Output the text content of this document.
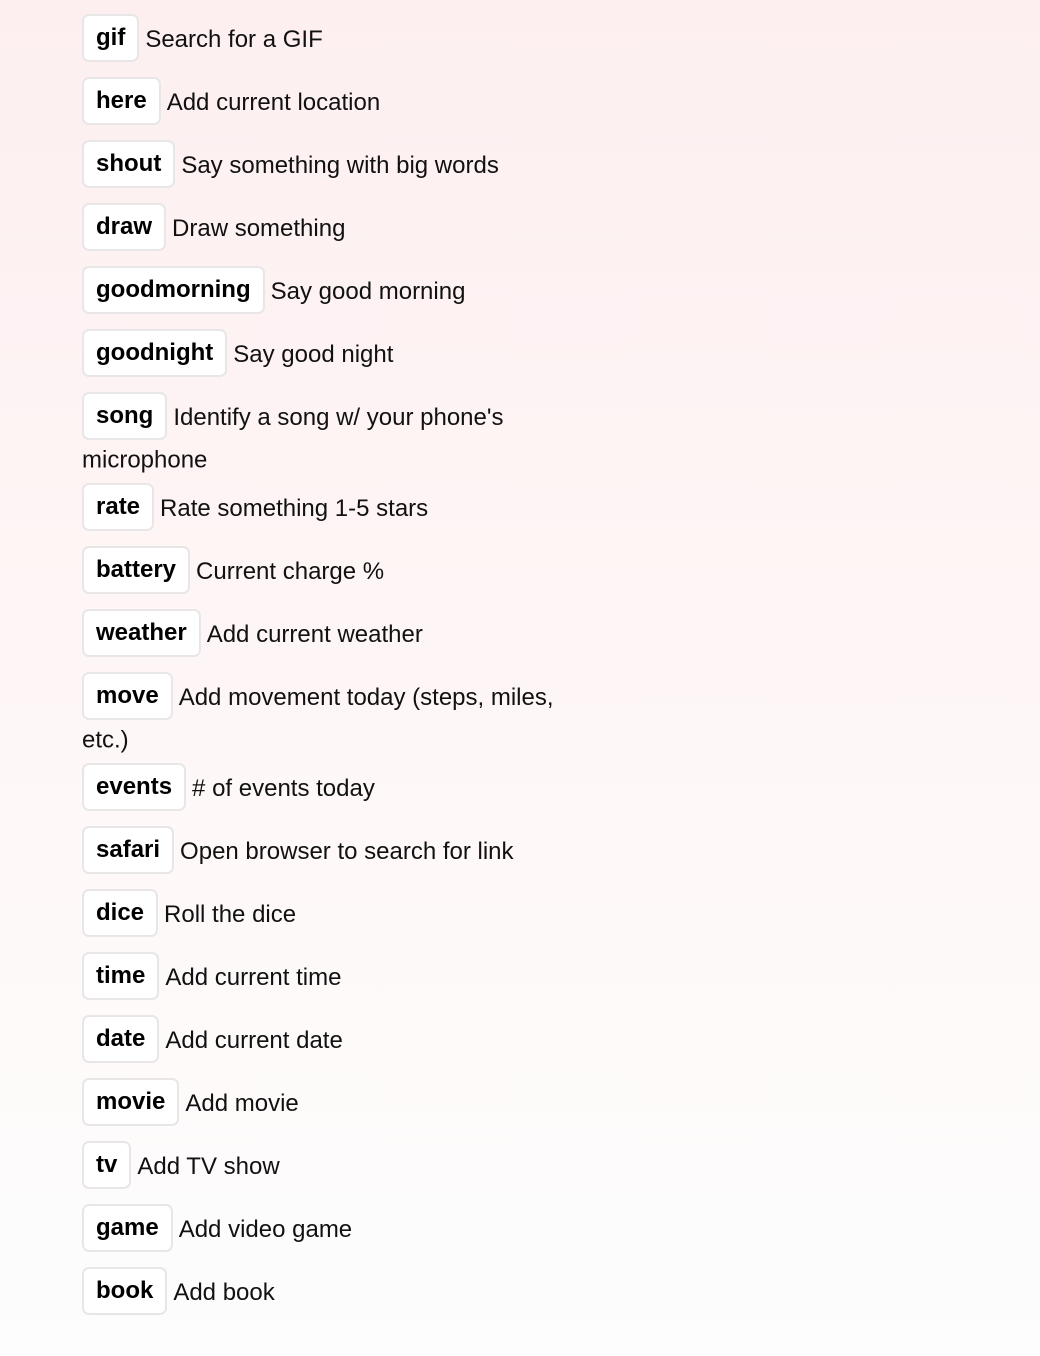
gif Search for a GIF
here Add current location
shout Say something with big words
draw Draw something
goodmorning Say good morning
goodnight Say good night
song Identify a song w/ your phone's microphone
rate Rate something 1-5 stars
battery Current charge %
weather Add current weather
move Add movement today (steps, miles, etc.)
events # of events today
safari Open browser to search for link
dice Roll the dice
time Add current time
date Add current date
movie Add movie
tv Add TV show
game Add video game
book Add book
